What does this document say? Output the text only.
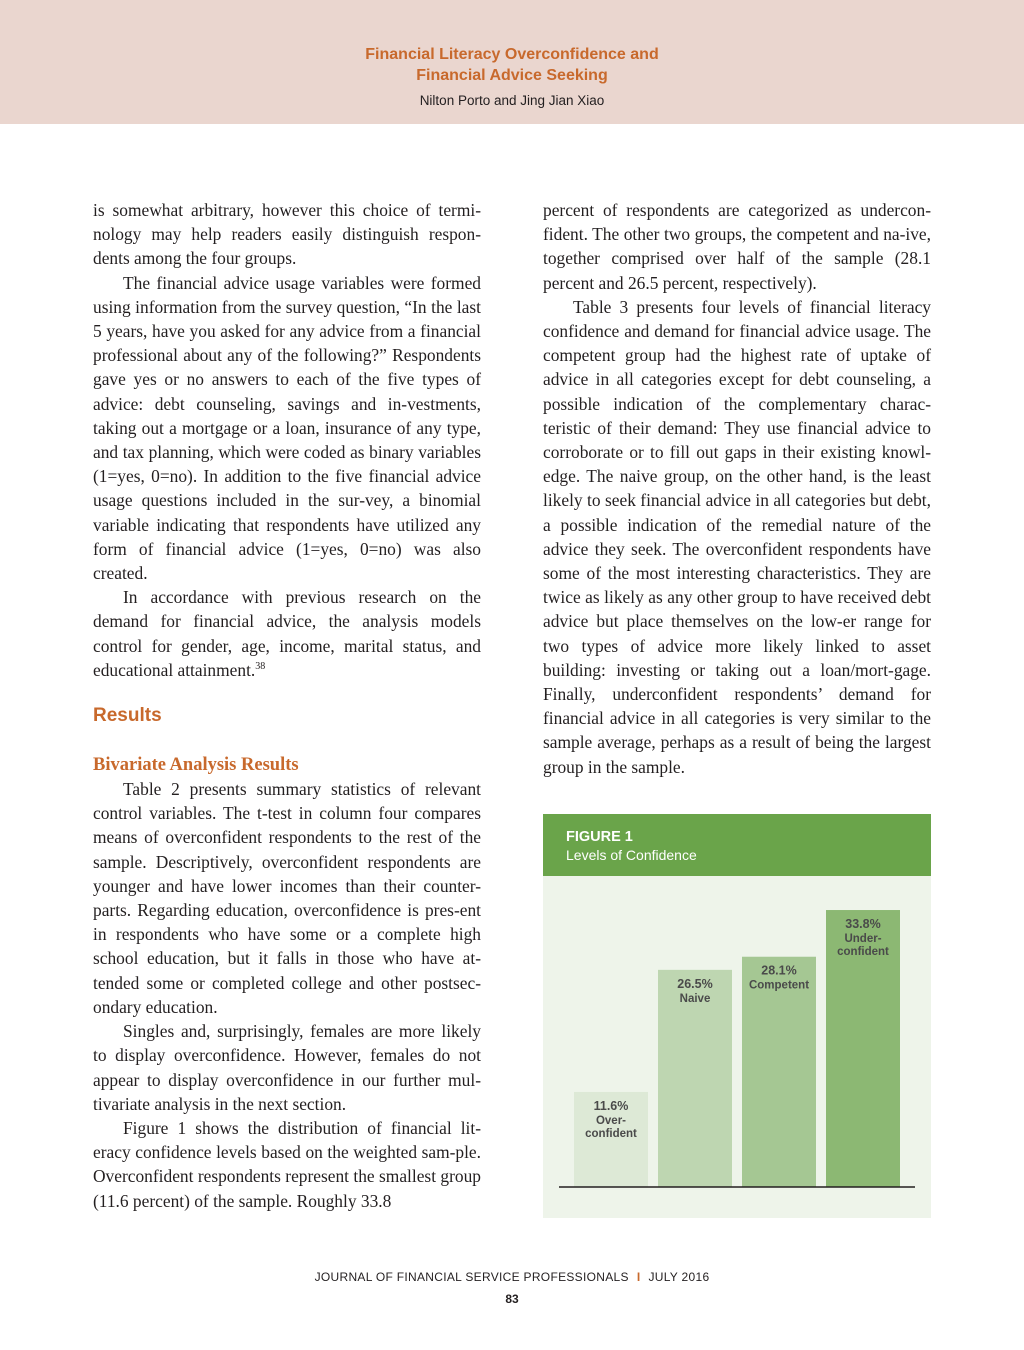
Financial Literacy Overconfidence and
Financial Advice Seeking
Nilton Porto and Jing Jian Xiao

is somewhat arbitrary, however this choice of termi-nology may help readers easily distinguish respon-dents among the four groups.

The financial advice usage variables were formed using information from the survey question, “In the last 5 years, have you asked for any advice from a financial professional about any of the following?” Respondents gave yes or no answers to each of the five types of advice: debt counseling, savings and in-vestments, taking out a mortgage or a loan, insurance of any type, and tax planning, which were coded as binary variables (1=yes, 0=no). In addition to the five financial advice usage questions included in the sur-vey, a binomial variable indicating that respondents have utilized any form of financial advice (1=yes, 0=no) was also created.

In accordance with previous research on the demand for financial advice, the analysis models control for gender, age, income, marital status, and educational attainment.$^{38}$

Results
Bivariate Analysis Results

Table 2 presents summary statistics of relevant control variables. The t-test in column four compares means of overconfident respondents to the rest of the sample. Descriptively, overconfident respondents are younger and have lower incomes than their counter-parts. Regarding education, overconfidence is pres-ent in respondents who have some or a complete high school education, but it falls in those who have at-tended some or completed college and other postsec-ondary education.

Singles and, surprisingly, females are more likely to display overconfidence. However, females do not appear to display overconfidence in our further mul-tivariate analysis in the next section.

Figure 1 shows the distribution of financial lit-eracy confidence levels based on the weighted sam-ple. Overconfident respondents represent the smallest group (11.6 percent) of the sample. Roughly 33.8

percent of respondents are categorized as undercon-fident. The other two groups, the competent and na-ive, together comprised over half of the sample (28.1 percent and 26.5 percent, respectively).

Table 3 presents four levels of financial literacy confidence and demand for financial advice usage. The competent group had the highest rate of uptake of advice in all categories except for debt counseling, a possible indication of the complementary charac-teristic of their demand: They use financial advice to corroborate or to fill out gaps in their existing knowl-edge. The naive group, on the other hand, is the least likely to seek financial advice in all categories but debt, a possible indication of the remedial nature of the advice they seek. The overconfident respondents have some of the most interesting characteristics. They are twice as likely as any other group to have received debt advice but place themselves on the low-er range for two types of advice more likely linked to asset building: investing or taking out a loan/mort-gage. Finally, underconfident respondents’ demand for financial advice in all categories is very similar to the sample average, perhaps as a result of being the largest group in the sample.

FIGURE 1
Levels of Confidence
11.6%
Over-
confident
26.5%
Naive
28.1%
Competent
33.8%
Under-
confident
JOURNAL OF FINANCIAL SERVICE PROFESSIONALS I JULY 2016
83
